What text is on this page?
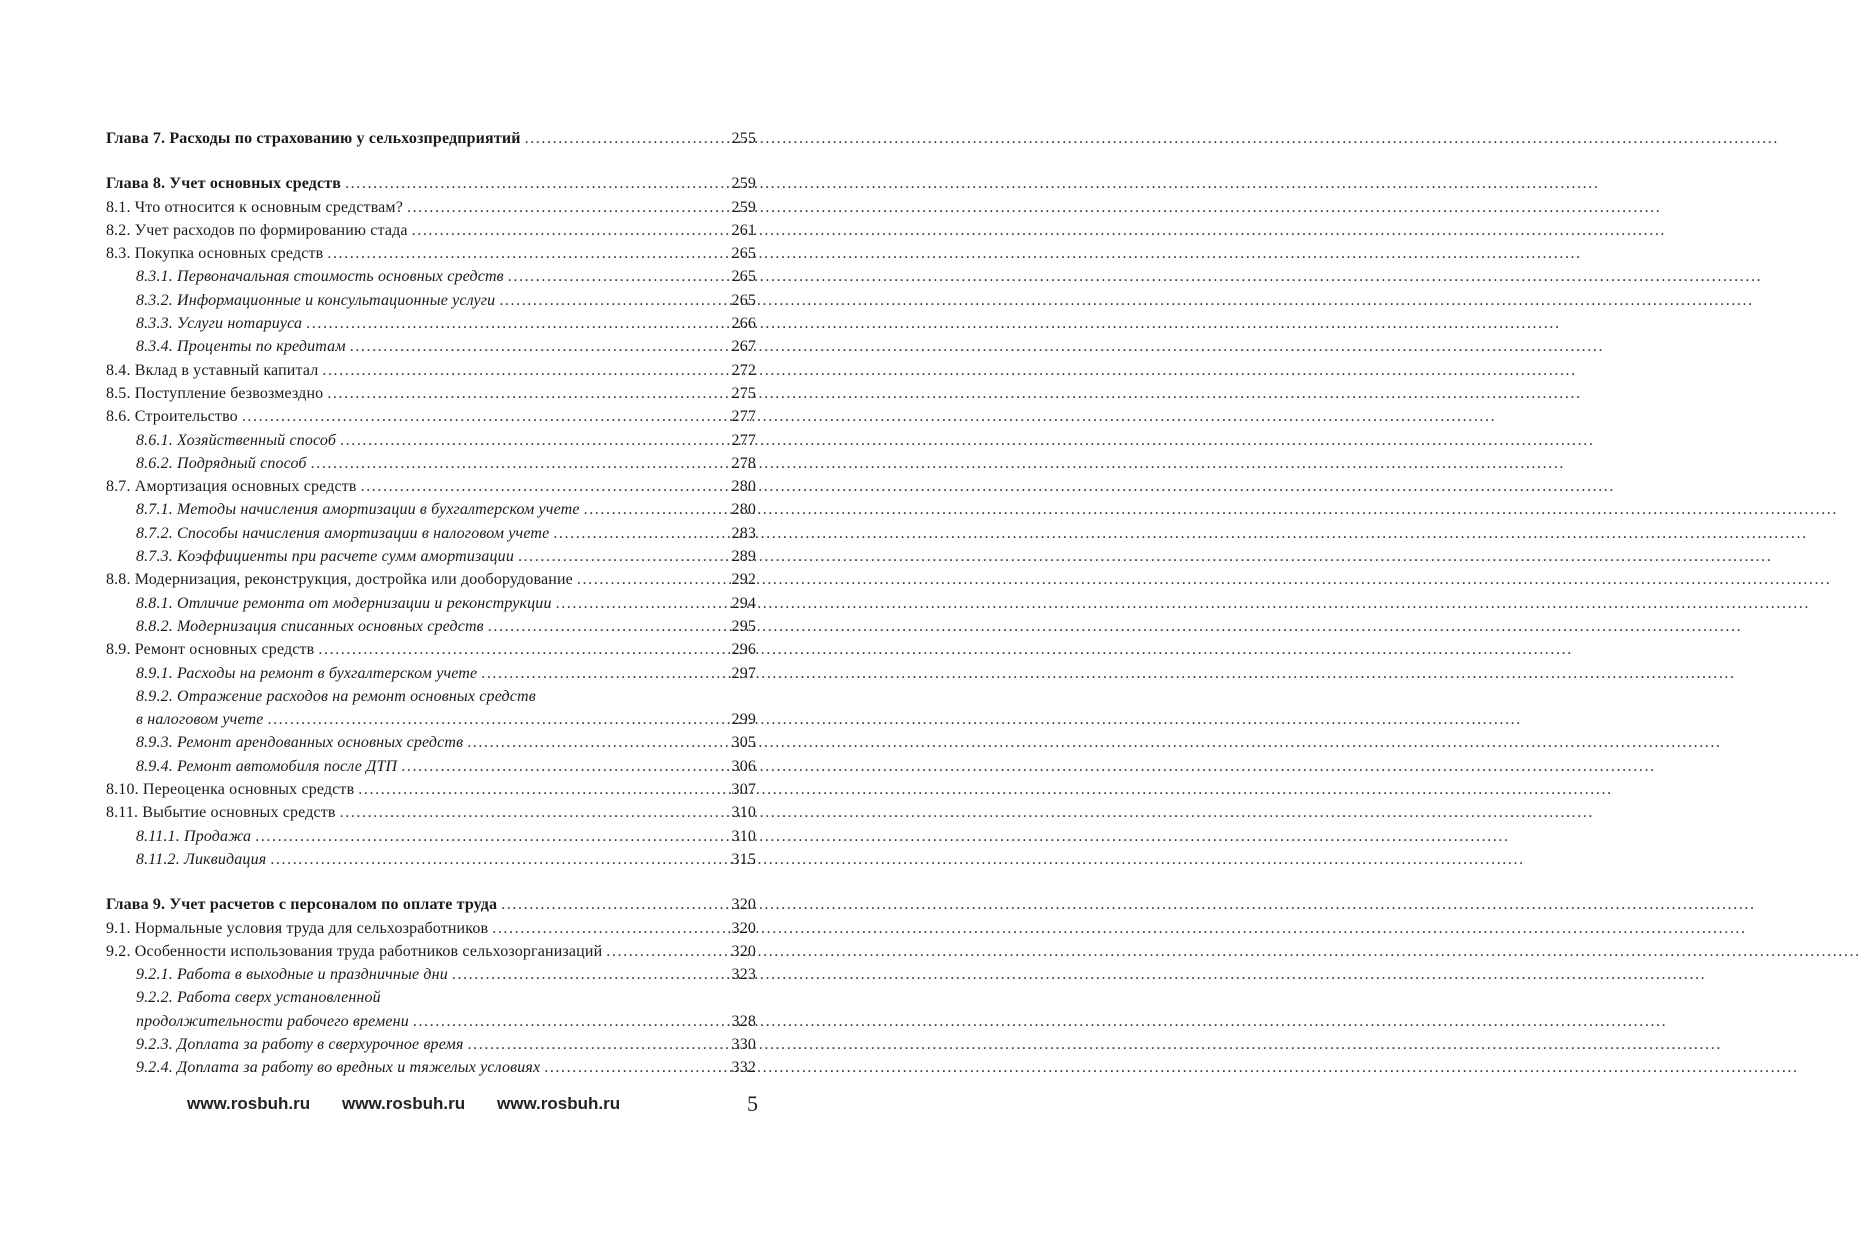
Глава 7. Расходы по страхованию у сельхозпредприятий .....	255
Глава 8. Учет основных средств .....	259
8.1. Что относится к основным средствам? .....	259
8.2. Учет расходов по формированию стада .....	261
8.3. Покупка основных средств .....	265
8.3.1. Первоначальная стоимость основных средств .....	265
8.3.2. Информационные и консультационные услуги .....	265
8.3.3. Услуги нотариуса .....	266
8.3.4. Проценты по кредитам .....	267
8.4. Вклад в уставный капитал .....	272
8.5. Поступление безвозмездно .....	275
8.6. Строительство .....	277
8.6.1. Хозяйственный способ .....	277
8.6.2. Подрядный способ .....	278
8.7. Амортизация основных средств .....	280
8.7.1. Методы начисления амортизации в бухгалтерском учете .....	280
8.7.2. Способы начисления амортизации в налоговом учете .....	283
8.7.3. Коэффициенты при расчете сумм амортизации .....	289
8.8. Модернизация, реконструкция, достройка или дооборудование .....	292
8.8.1. Отличие ремонта от модернизации и реконструкции .....	294
8.8.2. Модернизация списанных основных средств .....	295
8.9. Ремонт основных средств .....	296
8.9.1. Расходы на ремонт в бухгалтерском учете .....	297
8.9.2. Отражение расходов на ремонт основных средств
в налоговом учете .....	299
8.9.3. Ремонт арендованных основных средств .....	305
8.9.4. Ремонт автомобиля после ДТП .....	306
8.10. Переоценка основных средств .....	307
8.11. Выбытие основных средств .....	310
8.11.1. Продажа .....	310
8.11.2. Ликвидация .....	315
Глава 9. Учет расчетов с персоналом по оплате труда .....	320
9.1. Нормальные условия труда для сельхозработников .....	320
9.2. Особенности использования труда работников сельхозорганизаций .....	320
9.2.1. Работа в выходные и праздничные дни .....	323
9.2.2. Работа сверх установленной
продолжительности рабочего времени .....	328
9.2.3. Доплата за работу в сверхурочное время .....	330
9.2.4. Доплата за работу во вредных и тяжелых условиях .....	332
www.rosbuh.ru www.rosbuh.ru www.rosbuh.ru	5
